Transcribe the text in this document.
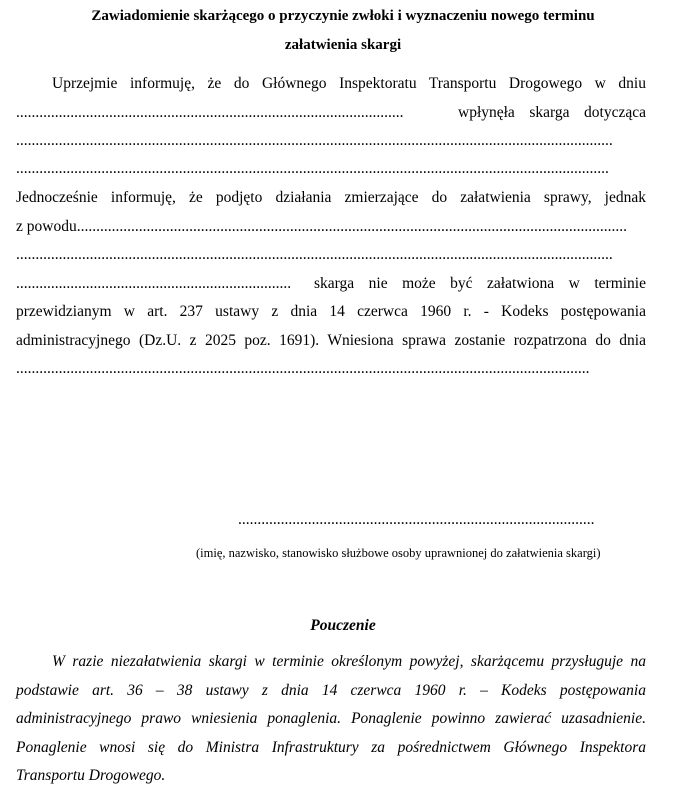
Zawiadomienie skarżącego o przyczynie zwłoki i wyznaczeniu nowego terminu
załatwienia skargi
Uprzejmie informuję, że do Głównego Inspektoratu Transportu Drogowego w dniu
....................................................................................................	wpłynęła skarga dotycząca
..........................................................................................................................................................
.........................................................................................................................................................
Jednocześnie informuję, że podjęto działania zmierzające do załatwienia sprawy, jednak
z powodu..............................................................................................................................................
..........................................................................................................................................................
.......................................................................	skarga nie może być załatwiona w terminie
przewidzianym w art. 237 ustawy z dnia 14 czerwca 1960 r. - Kodeks postępowania
administracyjnego (Dz.U. z 2025 poz. 1691). Wniesiona sprawa zostanie rozpatrzona do dnia
....................................................................................................................................................
............................................................................................
(imię, nazwisko, stanowisko służbowe osoby uprawnionej do załatwienia skargi)
Pouczenie
W razie niezałatwienia skargi w terminie określonym powyżej, skarżącemu przysługuje na
podstawie art. 36 – 38 ustawy z dnia 14 czerwca 1960 r. – Kodeks postępowania
administracyjnego prawo wniesienia ponaglenia. Ponaglenie powinno zawierać uzasadnienie.
Ponaglenie wnosi się do Ministra Infrastruktury za pośrednictwem Głównego Inspektora
Transportu Drogowego.
